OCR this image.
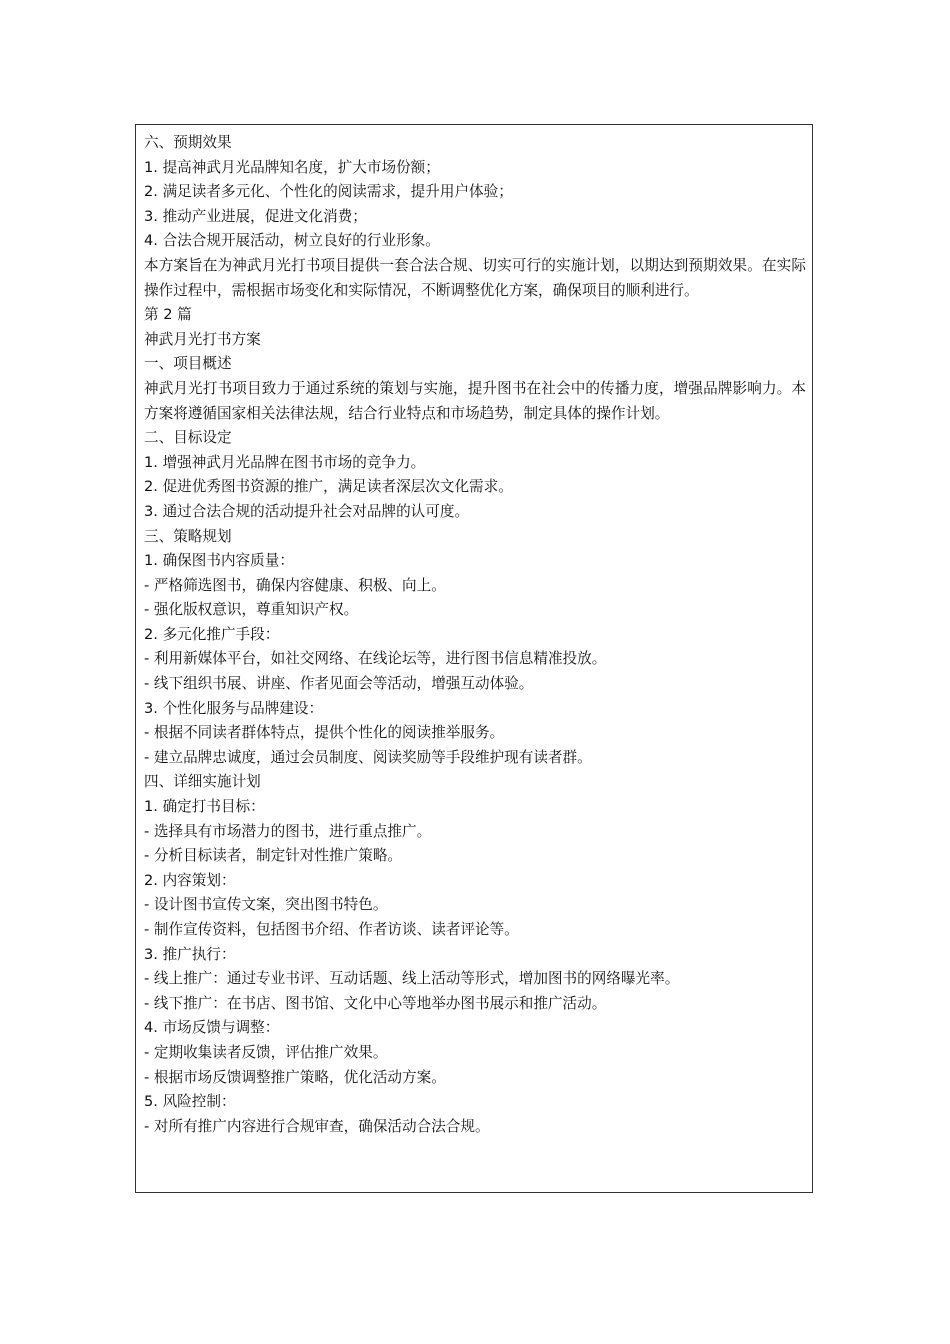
六、预期效果
1. 提高神武月光品牌知名度，扩大市场份额；
2. 满足读者多元化、个性化的阅读需求，提升用户体验；
3. 推动产业进展，促进文化消费；
4. 合法合规开展活动，树立良好的行业形象。
本方案旨在为神武月光打书项目提供一套合法合规、切实可行的实施计划，以期达到预期效果。在实际操作过程中，需根据市场变化和实际情况，不断调整优化方案，确保项目的顺利进行。
第 2 篇
神武月光打书方案
一、项目概述
神武月光打书项目致力于通过系统的策划与实施，提升图书在社会中的传播力度，增强品牌影响力。本方案将遵循国家相关法律法规，结合行业特点和市场趋势，制定具体的操作计划。
二、目标设定
1. 增强神武月光品牌在图书市场的竞争力。
2. 促进优秀图书资源的推广，满足读者深层次文化需求。
3. 通过合法合规的活动提升社会对品牌的认可度。
三、策略规划
1. 确保图书内容质量：
- 严格筛选图书，确保内容健康、积极、向上。
- 强化版权意识，尊重知识产权。
2. 多元化推广手段：
- 利用新媒体平台，如社交网络、在线论坛等，进行图书信息精准投放。
- 线下组织书展、讲座、作者见面会等活动，增强互动体验。
3. 个性化服务与品牌建设：
- 根据不同读者群体特点，提供个性化的阅读推举服务。
- 建立品牌忠诚度，通过会员制度、阅读奖励等手段维护现有读者群。
四、详细实施计划
1. 确定打书目标：
- 选择具有市场潜力的图书，进行重点推广。
- 分析目标读者，制定针对性推广策略。
2. 内容策划：
- 设计图书宣传文案，突出图书特色。
- 制作宣传资料，包括图书介绍、作者访谈、读者评论等。
3. 推广执行：
- 线上推广：通过专业书评、互动话题、线上活动等形式，增加图书的网络曝光率。
- 线下推广：在书店、图书馆、文化中心等地举办图书展示和推广活动。
4. 市场反馈与调整：
- 定期收集读者反馈，评估推广效果。
- 根据市场反馈调整推广策略，优化活动方案。
5. 风险控制：
- 对所有推广内容进行合规审查，确保活动合法合规。
